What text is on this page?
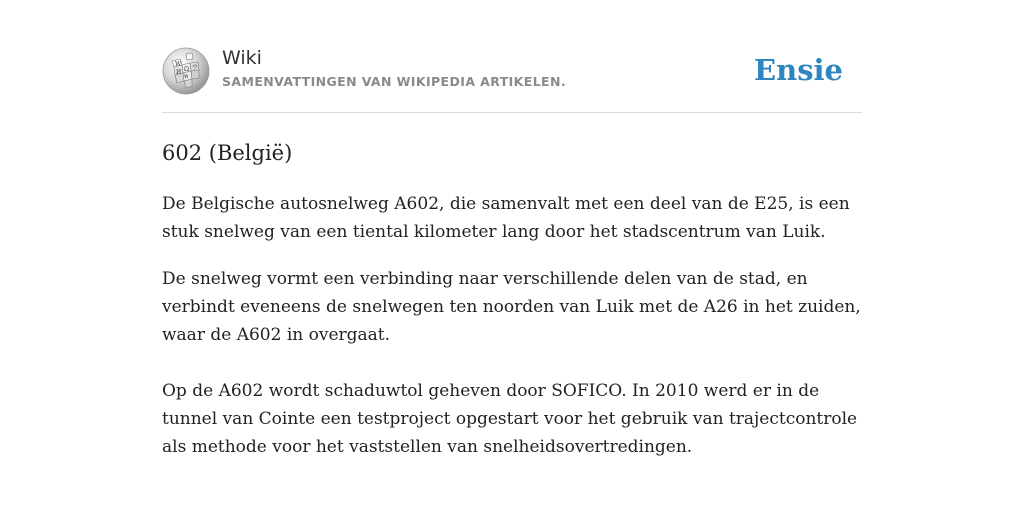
W
Ω
И
ウ
ท
Wiki
SAMENVATTINGEN VAN WIKIPEDIA ARTIKELEN.	Ensie
602 (België)

De Belgische autosnelweg A602, die samenvalt met een deel van de E25, is een stuk snelweg van een tiental kilometer lang door het stadscentrum van Luik.

De snelweg vormt een verbinding naar verschillende delen van de stad, en verbindt eveneens de snelwegen ten noorden van Luik met de A26 in het zuiden, waar de A602 in overgaat.

Op de A602 wordt schaduwtol geheven door SOFICO. In 2010 werd er in de tunnel van Cointe een testproject opgestart voor het gebruik van trajectcontrole als methode voor het vaststellen van snelheidsovertredingen.
